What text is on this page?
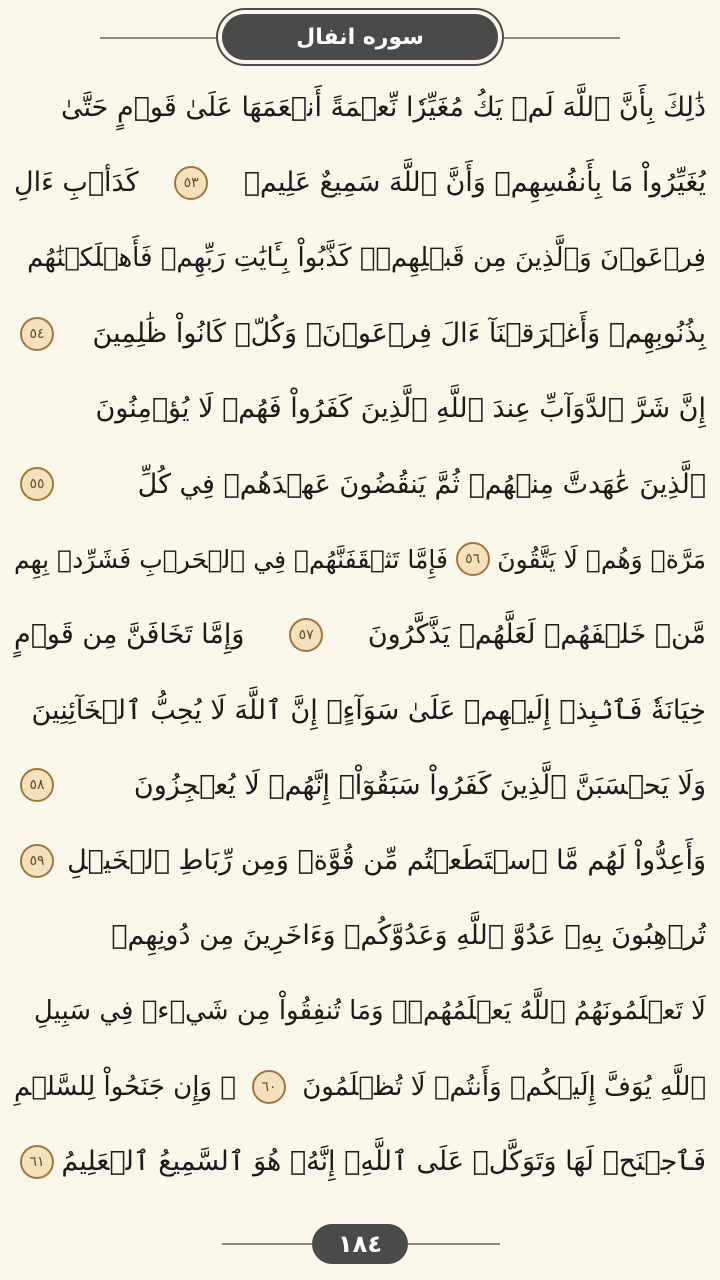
سوره انفال
ذَٰلِكَ بِأَنَّ ٱللَّهَ لَمۡ يَكُ مُغَيِّرٗا نِّعۡمَةً أَنۡعَمَهَا عَلَىٰ قَوۡمٍ حَتَّىٰ
يُغَيِّرُواْ مَا بِأَنفُسِهِمۡ وَأَنَّ ٱللَّهَ سَمِيعٌ عَلِيمٞ
٥٣
كَدَأۡبِ ءَالِ
فِرۡعَوۡنَ وَٱلَّذِينَ مِن قَبۡلِهِمۡۚ كَذَّبُواْ بِـَٔايَٰتِ رَبِّهِمۡ فَأَهۡلَكۡنَٰهُم
بِذُنُوبِهِمۡ وَأَغۡرَقۡنَآ ءَالَ فِرۡعَوۡنَۚ وَكُلّٞ كَانُواْ ظَٰلِمِينَ
٥٤
إِنَّ شَرَّ ٱلدَّوَآبِّ عِندَ ٱللَّهِ ٱلَّذِينَ كَفَرُواْ فَهُمۡ لَا يُؤۡمِنُونَ
ٱلَّذِينَ عَٰهَدتَّ مِنۡهُمۡ ثُمَّ يَنقُضُونَ عَهۡدَهُمۡ فِي كُلِّ
٥٥
مَرَّةٖ وَهُمۡ لَا يَتَّقُونَ
٥٦
فَإِمَّا تَثۡقَفَنَّهُمۡ فِي ٱلۡحَرۡبِ فَشَرِّدۡ بِهِم
مَّنۡ خَلۡفَهُمۡ لَعَلَّهُمۡ يَذَّكَّرُونَ
٥٧
وَإِمَّا تَخَافَنَّ مِن قَوۡمٍ
خِيَانَةٗ فَٱنۢبِذۡ إِلَيۡهِمۡ عَلَىٰ سَوَآءٍۚ إِنَّ ٱللَّهَ لَا يُحِبُّ ٱلۡخَآئِنِينَ
وَلَا يَحۡسَبَنَّ ٱلَّذِينَ كَفَرُواْ سَبَقُوٓاْۚ إِنَّهُمۡ لَا يُعۡجِزُونَ
٥٨
وَأَعِدُّواْ لَهُم مَّا ٱسۡتَطَعۡتُم مِّن قُوَّةٖ وَمِن رِّبَاطِ ٱلۡخَيۡلِ
٥٩
تُرۡهِبُونَ بِهِۦ عَدُوَّ ٱللَّهِ وَعَدُوَّكُمۡ وَءَاخَرِينَ مِن دُونِهِمۡ
لَا تَعۡلَمُونَهُمُ ٱللَّهُ يَعۡلَمُهُمۡۚ وَمَا تُنفِقُواْ مِن شَيۡءٖ فِي سَبِيلِ
ٱللَّهِ يُوَفَّ إِلَيۡكُمۡ وَأَنتُمۡ لَا تُظۡلَمُونَ
٦٠
۞ وَإِن جَنَحُواْ لِلسَّلۡمِ
فَٱجۡنَحۡ لَهَا وَتَوَكَّلۡ عَلَى ٱللَّهِۚ إِنَّهُۥ هُوَ ٱلسَّمِيعُ ٱلۡعَلِيمُ
٦١
١٨٤
